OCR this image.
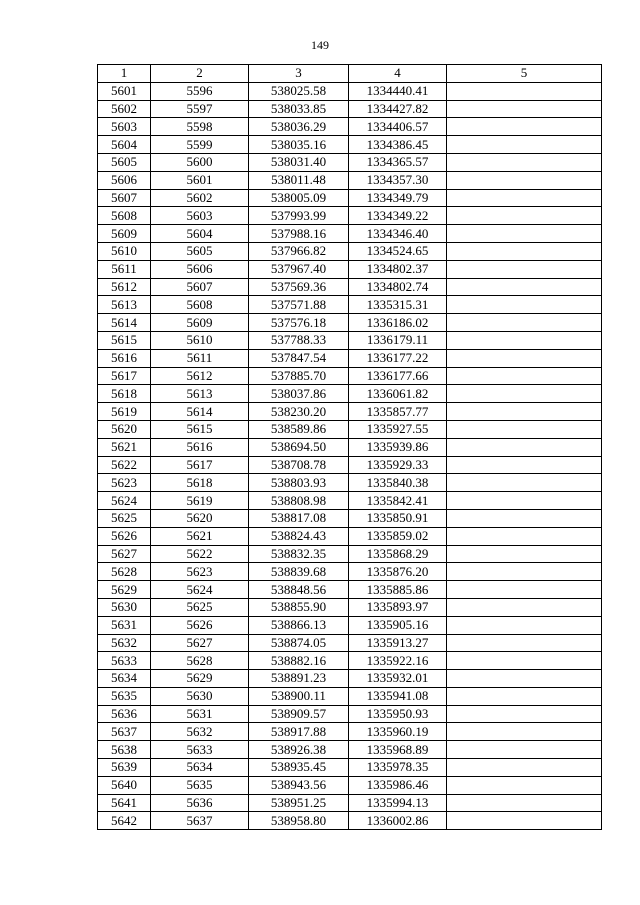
149
1	2	3	4	5
5601	5596	538025.58	1334440.41	
5602	5597	538033.85	1334427.82	
5603	5598	538036.29	1334406.57	
5604	5599	538035.16	1334386.45	
5605	5600	538031.40	1334365.57	
5606	5601	538011.48	1334357.30	
5607	5602	538005.09	1334349.79	
5608	5603	537993.99	1334349.22	
5609	5604	537988.16	1334346.40	
5610	5605	537966.82	1334524.65	
5611	5606	537967.40	1334802.37	
5612	5607	537569.36	1334802.74	
5613	5608	537571.88	1335315.31	
5614	5609	537576.18	1336186.02	
5615	5610	537788.33	1336179.11	
5616	5611	537847.54	1336177.22	
5617	5612	537885.70	1336177.66	
5618	5613	538037.86	1336061.82	
5619	5614	538230.20	1335857.77	
5620	5615	538589.86	1335927.55	
5621	5616	538694.50	1335939.86	
5622	5617	538708.78	1335929.33	
5623	5618	538803.93	1335840.38	
5624	5619	538808.98	1335842.41	
5625	5620	538817.08	1335850.91	
5626	5621	538824.43	1335859.02	
5627	5622	538832.35	1335868.29	
5628	5623	538839.68	1335876.20	
5629	5624	538848.56	1335885.86	
5630	5625	538855.90	1335893.97	
5631	5626	538866.13	1335905.16	
5632	5627	538874.05	1335913.27	
5633	5628	538882.16	1335922.16	
5634	5629	538891.23	1335932.01	
5635	5630	538900.11	1335941.08	
5636	5631	538909.57	1335950.93	
5637	5632	538917.88	1335960.19	
5638	5633	538926.38	1335968.89	
5639	5634	538935.45	1335978.35	
5640	5635	538943.56	1335986.46	
5641	5636	538951.25	1335994.13	
5642	5637	538958.80	1336002.86	
